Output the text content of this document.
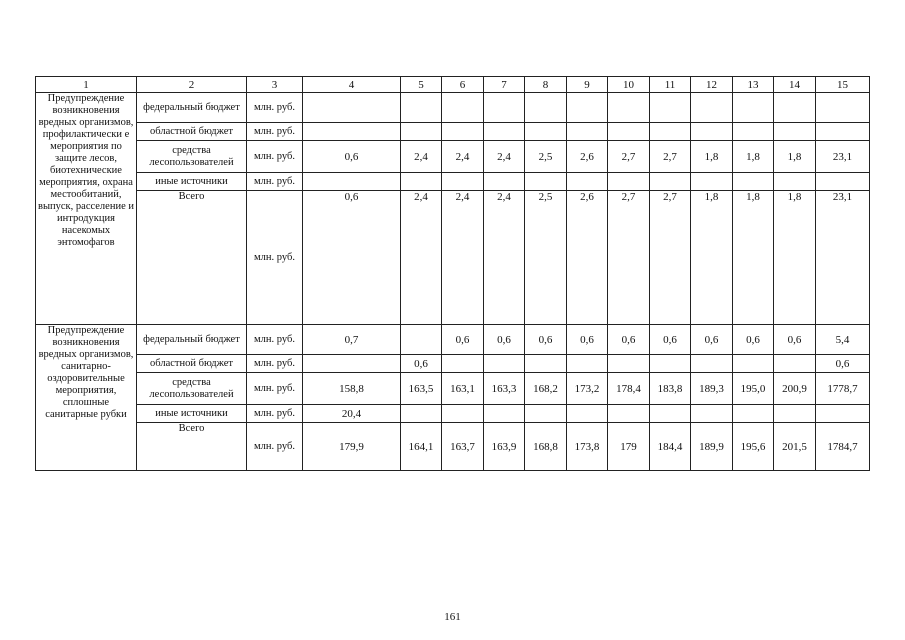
1	2	3	4	5	6	7	8	9	10	11	12	13	14	15
Предупреждение возникновения вредных организмов, профилактически е мероприятия по защите лесов, биотехнические мероприятия, охрана местообитаний, выпуск, расселение и интродукция насекомых энтомофагов	федеральный бюджет	млн. руб.												
	областной бюджет	млн. руб.												
	средства лесопользователей	млн. руб.	0,6	2,4	2,4	2,4	2,5	2,6	2,7	2,7	1,8	1,8	1,8	23,1
	иные источники	млн. руб.												
	Всего	млн. руб.	0,6	2,4	2,4	2,4	2,5	2,6	2,7	2,7	1,8	1,8	1,8	23,1
Предупреждение возникновения вредных организмов, санитарно-оздоровительные мероприятия, сплошные санитарные рубки	федеральный бюджет	млн. руб.	0,7		0,6	0,6	0,6	0,6	0,6	0,6	0,6	0,6	0,6	5,4
	областной бюджет	млн. руб.		0,6										0,6
	средства лесопользователей	млн. руб.	158,8	163,5	163,1	163,3	168,2	173,2	178,4	183,8	189,3	195,0	200,9	1778,7
	иные источники	млн. руб.	20,4											
	Всего	млн. руб.	179,9	164,1	163,7	163,9	168,8	173,8	179	184,4	189,9	195,6	201,5	1784,7
161
